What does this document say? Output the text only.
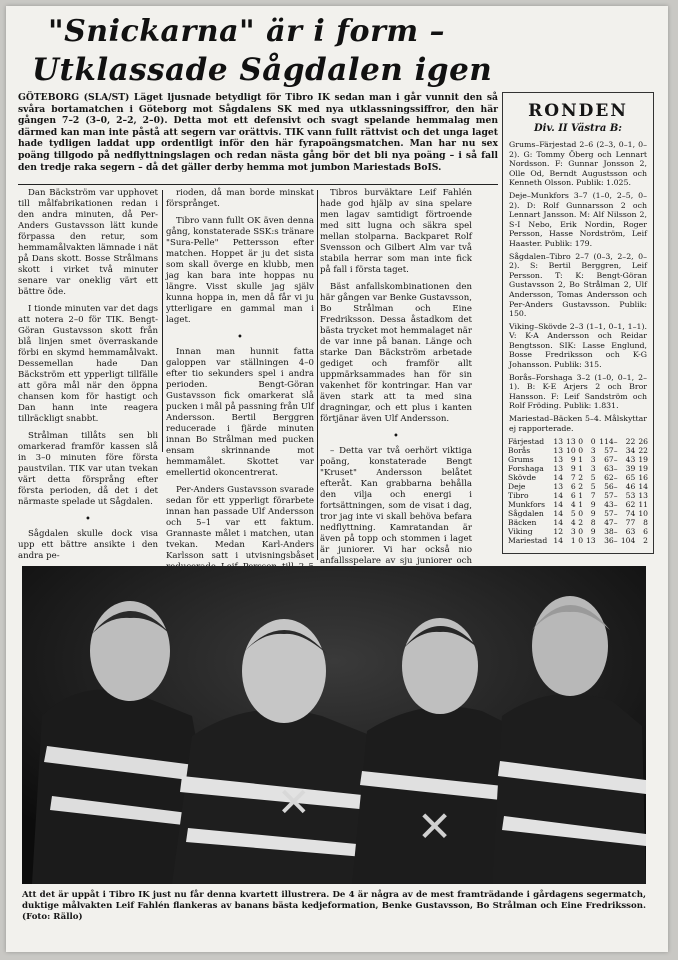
"Snickarna" är i form –
Utklassade Sågdalen igen
GÖTEBORG (SLA/ST) Läget ljusnade betydligt för Tibro IK sedan man i går vunnit den så svåra bortamatchen i Göteborg mot Sågdalens SK med nya utklassningssiffror, den här gången 7–2 (3–0, 2–2, 2–0). Detta mot ett defensivt och svagt spelande hemmalag men därmed kan man inte påstå att segern var orättvis. TIK vann fullt rättvist och det unga laget hade tydligen laddat upp ordentligt inför den här fyrapoängsmatchen. Man har nu sex poäng tillgodo på nedflyttningslagen och redan nästa gång bör det bli nya poäng – i så fall den tredje raka segern – då det gäller derby hemma mot jumbon Mariestads BoIS.

Dan Bäckström var upphovet till målfabrikationen redan i den andra minuten, då Per-Anders Gustavsson lätt kunde förpassa den retur, som hemmamålvakten lämnade i nät på Dans skott. Bosse Strålmans skott i virket två minuter senare var oneklig värt ett bättre öde.

I tionde minuten var det dags att notera 2–0 för TIK. Bengt-Göran Gustavsson skott från blå linjen smet överraskande förbi en skymd hemmamålvakt. Dessemellan hade Dan Bäckström ett ypperligt tillfälle att göra mål när den öppna chansen kom för hastigt och Dan hann inte reagera tillräckligt snabbt.

Strålman tillåts sen bli omarkerad framför kassen slå in 3–0 minuten före första paustvilan. TIK var utan tvekan värt detta försprång efter första perioden, då det i det närmaste spelade ut Sågdalen.

•

Sågdalen skulle dock visa upp ett bättre ansikte i den andra pe-

rioden, då man borde minskat försprånget.

Tibro vann fullt OK även denna gång, konstaterade SSK:s tränare "Sura-Pelle" Pettersson efter matchen. Hoppet är ju det sista som skall överge en klubb, men jag kan bara inte hoppas nu längre. Visst skulle jag själv kunna hoppa in, men då får vi ju ytterligare en gammal man i laget.

•

Innan man hunnit fatta galoppen var ställningen 4–0 efter tio sekunders spel i andra perioden. Bengt-Göran Gustavsson fick omarkerat slå pucken i mål på passning från Ulf Andersson. Bertil Berggren reducerade i fjärde minuten innan Bo Strålman med pucken ensam skrinnande mot hemmamålet. Skottet var emellertid okoncentrerat.

Per-Anders Gustavsson svarade sedan för ett ypperligt förarbete innan han passade Ulf Andersson och 5–1 var ett faktum. Grannaste målet i matchen, utan tvekan. Medan Karl-Anders Karlsson satt i utvisningsbåset

Tibros burväktare Leif Fahlén hade god hjälp av sina spelare men lagav samtidigt förtroende med sitt lugna och säkra spel mellan stolparna. Backparet Rolf Svensson och Gilbert Alm var två stabila herrar som man inte fick på fall i första taget.

Bäst anfallskombinationen den här gången var Benke Gustavsson, Bo Strålman och Eine Fredriksson. Dessa åstadkom det bästa trycket mot hemmalaget när de var inne på banan. Länge och starke Dan Bäckström arbetade gediget och framför allt uppmärksammades han för sin vakenhet för kontringar. Han var även stark att ta med sina dragningar, och ett plus i kanten förtjänar även Ulf Andersson.

•

– Detta var två oerhört viktiga poäng, konstaterade Bengt "Kruset" Andersson belåtet efteråt. Kan grabbarna behålla den vilja och energi i fortsättningen, som de visat i dag, tror jag inte vi skall behöva befara nedflyttning. Kamratandan är även på topp och stommen i laget är juniorer. Vi har också nio anfallsspelare av sju juniorer och

RONDEN
Div. II Västra B:

Grums–Färjestad 2–6 (2–3, 0–1, 0–2). G: Tommy Öberg och Lennart Nordsson. F: Gunnar Jonsson 2, Olle Od, Berndt Augustsson och Kenneth Olsson. Publik: 1.025.

Deje–Munkfors 3–7 (1–0, 2–5, 0–2). D: Rolf Gunnarsson 2 och Lennart Jansson. M: Alf Nilsson 2, S-I Nebo, Erik Nordin, Roger Persson, Hasse Nordström, Leif Haaster. Publik: 179.

Sågdalen–Tibro 2–7 (0–3, 2–2, 0–2). S: Bertil Berggren, Leif Persson. T: K: Bengt-Göran Gustavsson 2, Bo Strålman 2, Ulf Andersson, Tomas Andersson och Per-Anders Gustavsson. Publik: 150.

Viking–Skövde 2–3 (1–1, 0–1, 1–1). V: K-A Andersson och Reidar Bengtsson. SIK: Lasse Englund, Bosse Fredriksson och K-G Johansson. Publik: 315.

Borås–Forshaga 3–2 (1–0, 0–1, 2–1). B: K-E Arjers 2 och Bror Hansson. F: Leif Sandström och Rolf Fröding. Publik: 1.831.

Mariestad–Bäcken 5–4. Målskyttar ej rapporterade.

Färjestad	13	13	0	0	114–	22	26
Borås	13	10	0	3	57–	34	22
Grums	13	9	1	3	67–	43	19
Forshaga	13	9	1	3	63–	39	19
Skövde	14	7	2	5	62–	65	16
Deje	13	6	2	5	56–	46	14
Tibro	14	6	1	7	57–	53	13
Munkfors	14	4	1	9	43–	62	11
Sågdalen	14	5	0	9	57–	74	10
Bäcken	14	4	2	8	47–	77	8
Viking	12	3	0	9	38–	63	6
Mariestad	14	1	0	13	36–	104	2
✕	✕
Att det är uppåt i Tibro IK just nu får denna kvartett illustrera. De 4 är några av de mest framträdande i gårdagens segermatch, duktige målvakten Leif Fahlén flankeras av banans bästa kedjeformation, Benke Gustavsson, Bo Strålman och Eine Fredriksson. (Foto: Rällo)
